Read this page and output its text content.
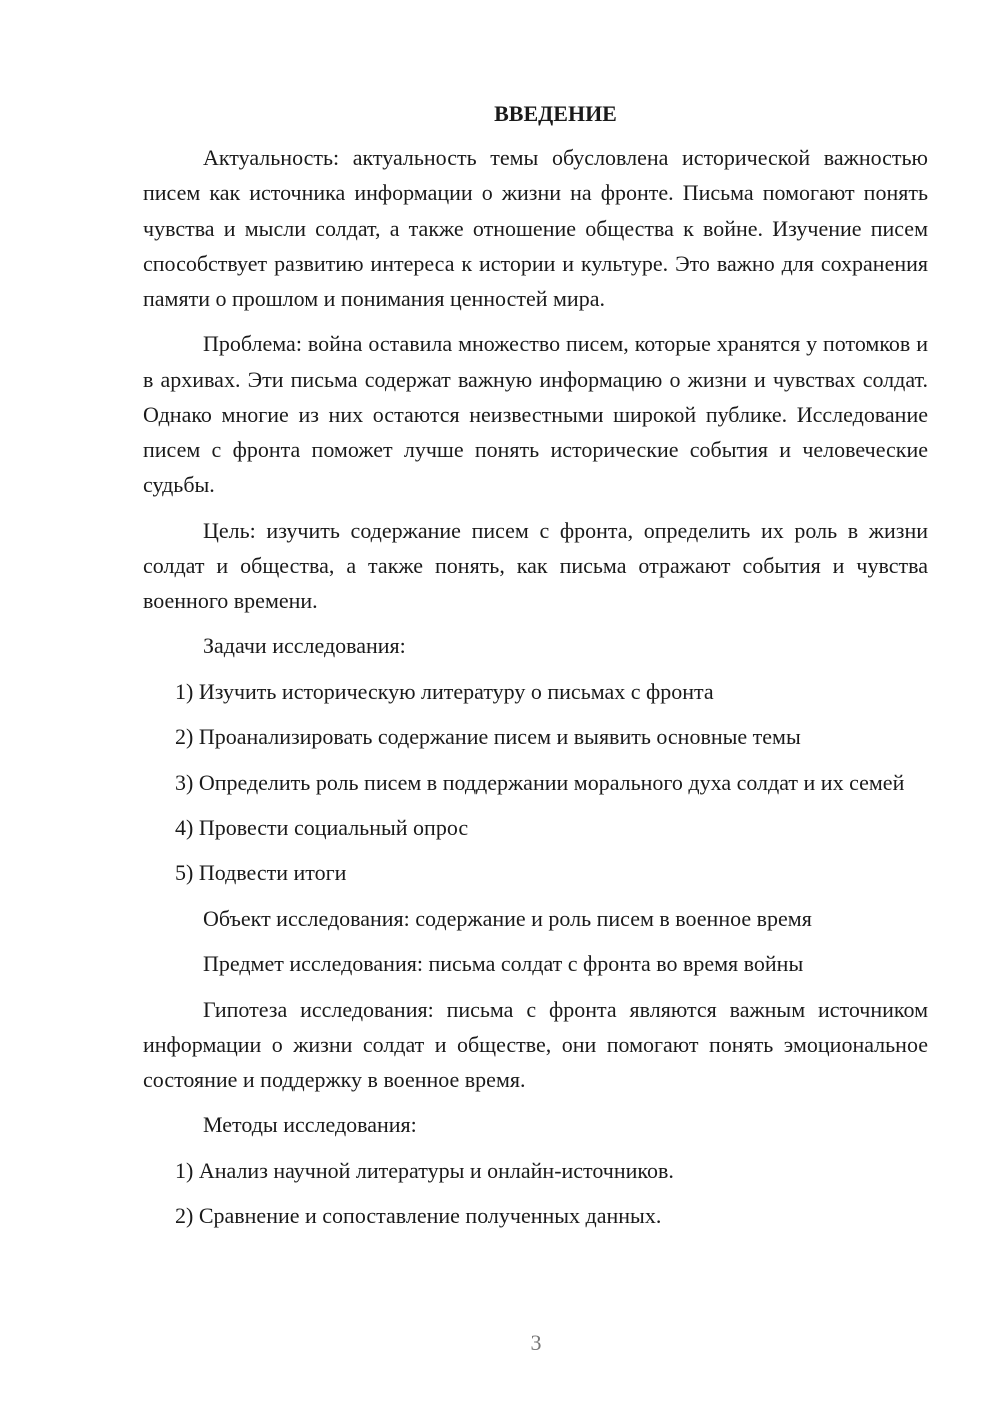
ВВЕДЕНИЕ

Актуальность: актуальность темы обусловлена исторической важностью писем как источника информации о жизни на фронте. Письма помогают понять чувства и мысли солдат, а также отношение общества к войне. Изучение писем способствует развитию интереса к истории и культуре. Это важно для сохранения памяти о прошлом и понимания ценностей мира.

Проблема: война оставила множество писем, которые хранятся у потомков и в архивах. Эти письма содержат важную информацию о жизни и чувствах солдат. Однако многие из них остаются неизвестными широкой публике. Исследование писем с фронта поможет лучше понять исторические события и человеческие судьбы.

Цель: изучить содержание писем с фронта, определить их роль в жизни солдат и общества, а также понять, как письма отражают события и чувства военного времени.

Задачи исследования:

1) Изучить историческую литературу о письмах с фронта

2) Проанализировать содержание писем и выявить основные темы

3) Определить роль писем в поддержании морального духа солдат и их семей

4) Провести социальный опрос

5) Подвести итоги

Объект исследования: содержание и роль писем в военное время

Предмет исследования: письма солдат с фронта во время войны

Гипотеза исследования: письма с фронта являются важным источником информации о жизни солдат и обществе, они помогают понять эмоциональное состояние и поддержку в военное время.

Методы исследования:

1) Анализ научной литературы и онлайн-источников.

2) Сравнение и сопоставление полученных данных.

3
